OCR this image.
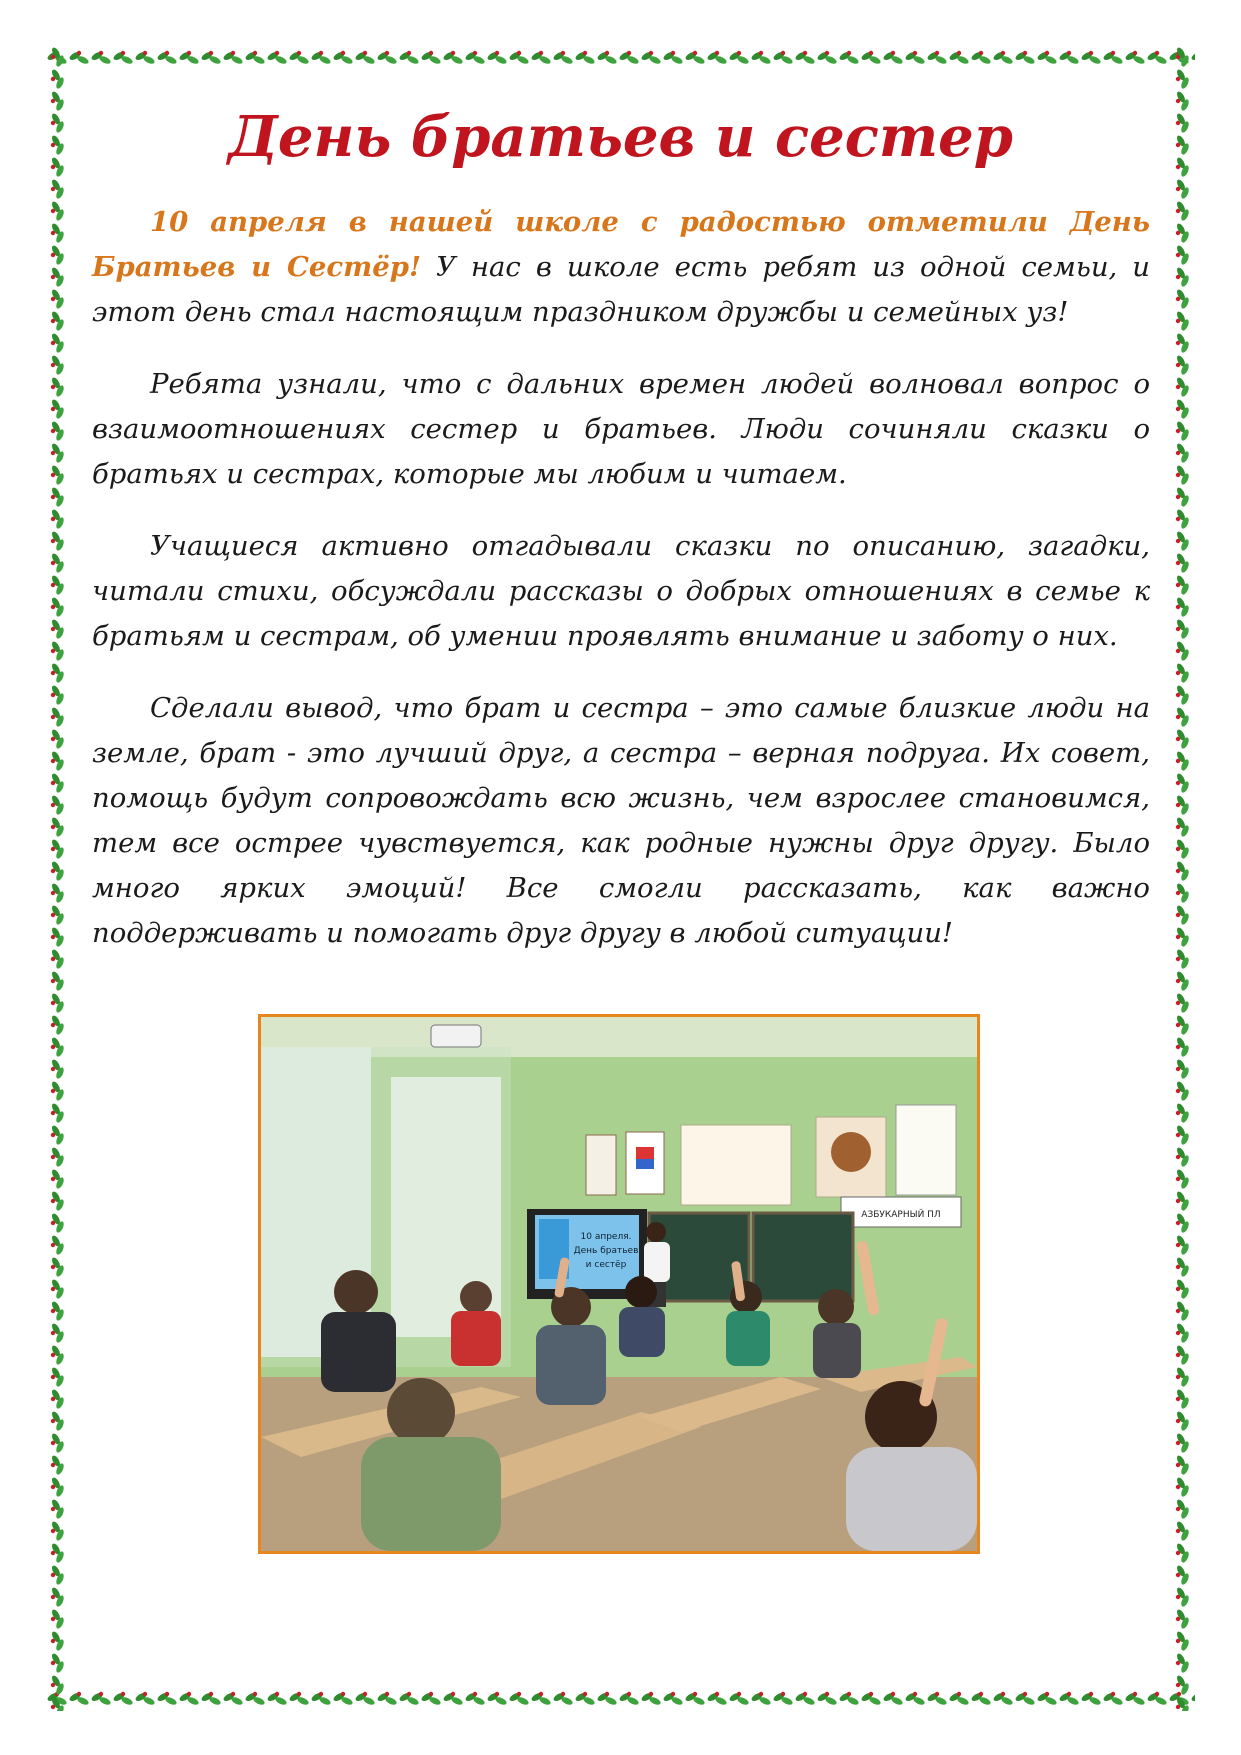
День братьев и сестер

10 апреля в нашей школе с радостью отметили День Братьев и Сестёр! У нас в школе есть ребят из одной семьи, и этот день стал настоящим праздником дружбы и семейных уз!

Ребята узнали, что с дальних времен людей волновал вопрос о взаимоотношениях сестер и братьев. Люди сочиняли сказки о братьях и сестрах, которые мы любим и читаем.

Учащиеся активно отгадывали сказки по описанию, загадки, читали стихи, обсуждали рассказы о добрых отношениях в семье к братьям и сестрам, об умении проявлять внимание и заботу о них.

Сделали вывод, что брат и сестра – это самые близкие люди на земле, брат - это лучший друг, а сестра – верная подруга. Их совет, помощь будут сопровождать всю жизнь, чем взрослее становимся, тем все острее чувствуется, как родные нужны друг другу. Было много ярких эмоций! Все смогли рассказать, как важно поддерживать и помогать друг другу в любой ситуации!

АЗБУКАРНЫЙ ПЛ
10 апреля.
День братьев
и сестёр
